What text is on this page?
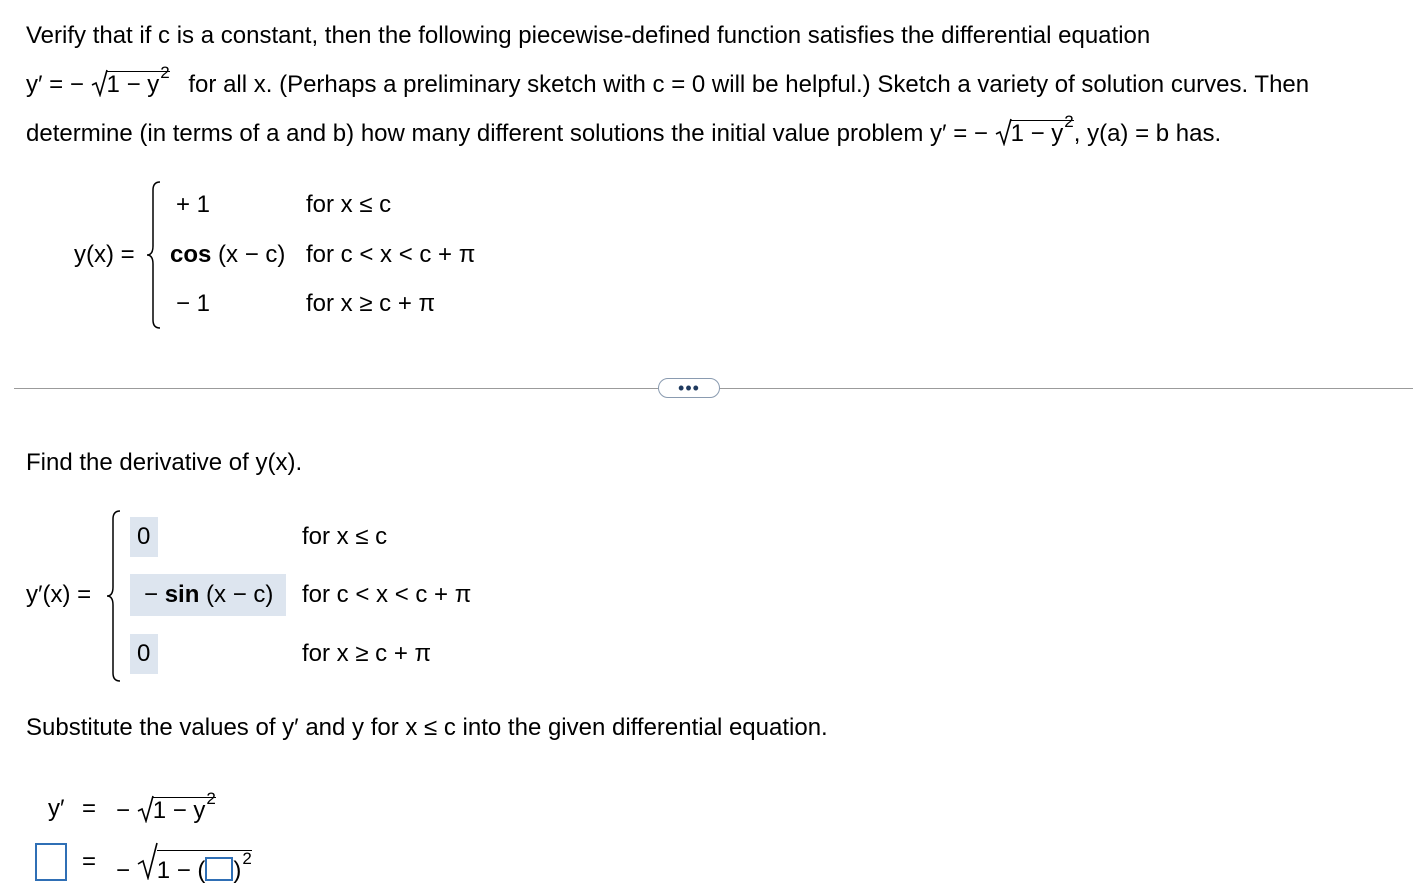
Verify that if c is a constant, then the following piecewise-defined function satisfies the differential equation
y′ = − $1 - y^2$ for all x. (Perhaps a preliminary sketch with c = 0 will be helpful.) Sketch a variety of solution curves. Then
determine (in terms of a and b) how many different solutions the initial value problem y′ = − $1 - y^2$, y(a) = b has.
y(x) =
+ 1	for x ≤ c
cos (x − c) for c < x < c + π
− 1	for x ≥ c + π
•••
Find the derivative of y(x).
y′(x) =
0	for x ≤ c
− sin (x − c) for c < x < c + π
0	for x ≥ c + π
Substitute the values of y′ and y for x ≤ c into the given differential equation.
y′ = − $1 - y^2$
= − 1 − ( )$^2$
